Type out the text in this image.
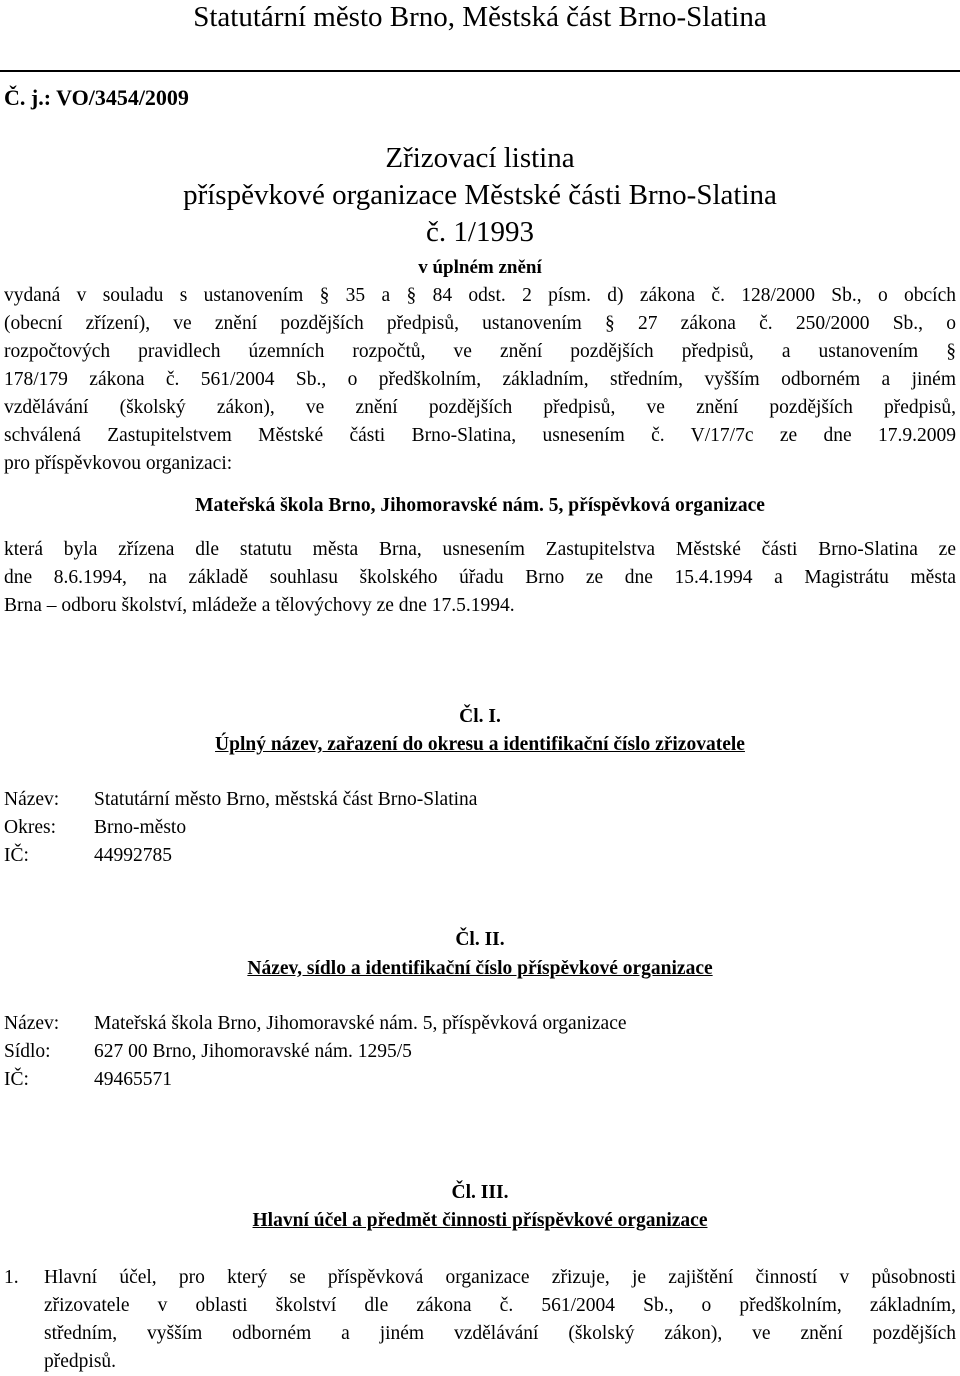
Statutární město Brno, Městská část Brno-Slatina
Č. j.: VO/3454/2009
Zřizovací listina
příspěvkové organizace Městské části Brno-Slatina
č. 1/1993
v úplném znění
vydaná v souladu s ustanovením § 35 a § 84 odst. 2 písm. d) zákona č. 128/2000 Sb., o obcích
(obecní zřízení), ve znění pozdějších předpisů, ustanovením § 27 zákona č. 250/2000 Sb., o
rozpočtových pravidlech územních rozpočtů, ve znění pozdějších předpisů, a ustanovením §
178/179 zákona č. 561/2004 Sb., o předškolním, základním, středním, vyšším odborném a jiném
vzdělávání (školský zákon), ve znění pozdějších předpisů, ve znění pozdějších předpisů,
schválená Zastupitelstvem Městské části Brno-Slatina, usnesením č. V/17/7c ze dne 17.9.2009
pro příspěvkovou organizaci:
Mateřská škola Brno, Jihomoravské nám. 5, příspěvková organizace
která byla zřízena dle statutu města Brna, usnesením Zastupitelstva Městské části Brno-Slatina ze
dne 8.6.1994, na základě souhlasu školského úřadu Brno ze dne 15.4.1994 a Magistrátu města
Brna – odboru školství, mládeže a tělovýchovy ze dne 17.5.1994.
Čl. I.
Úplný název, zařazení do okresu a identifikační číslo zřizovatele
Název: Statutární město Brno, městská část Brno-Slatina
Okres: Brno-město
IČ:	44992785
Čl. II.
Název, sídlo a identifikační číslo příspěvkové organizace
Název: Mateřská škola Brno, Jihomoravské nám. 5, příspěvková organizace
Sídlo: 627 00 Brno, Jihomoravské nám. 1295/5
IČ:	49465571
Čl. III.
Hlavní účel a předmět činnosti příspěvkové organizace
1. Hlavní účel, pro který se příspěvková organizace zřizuje, je zajištění činností v působnosti
zřizovatele v oblasti školství dle zákona č. 561/2004 Sb., o předškolním, základním,
středním, vyšším odborném a jiném vzdělávání (školský zákon), ve znění pozdějších
předpisů.
